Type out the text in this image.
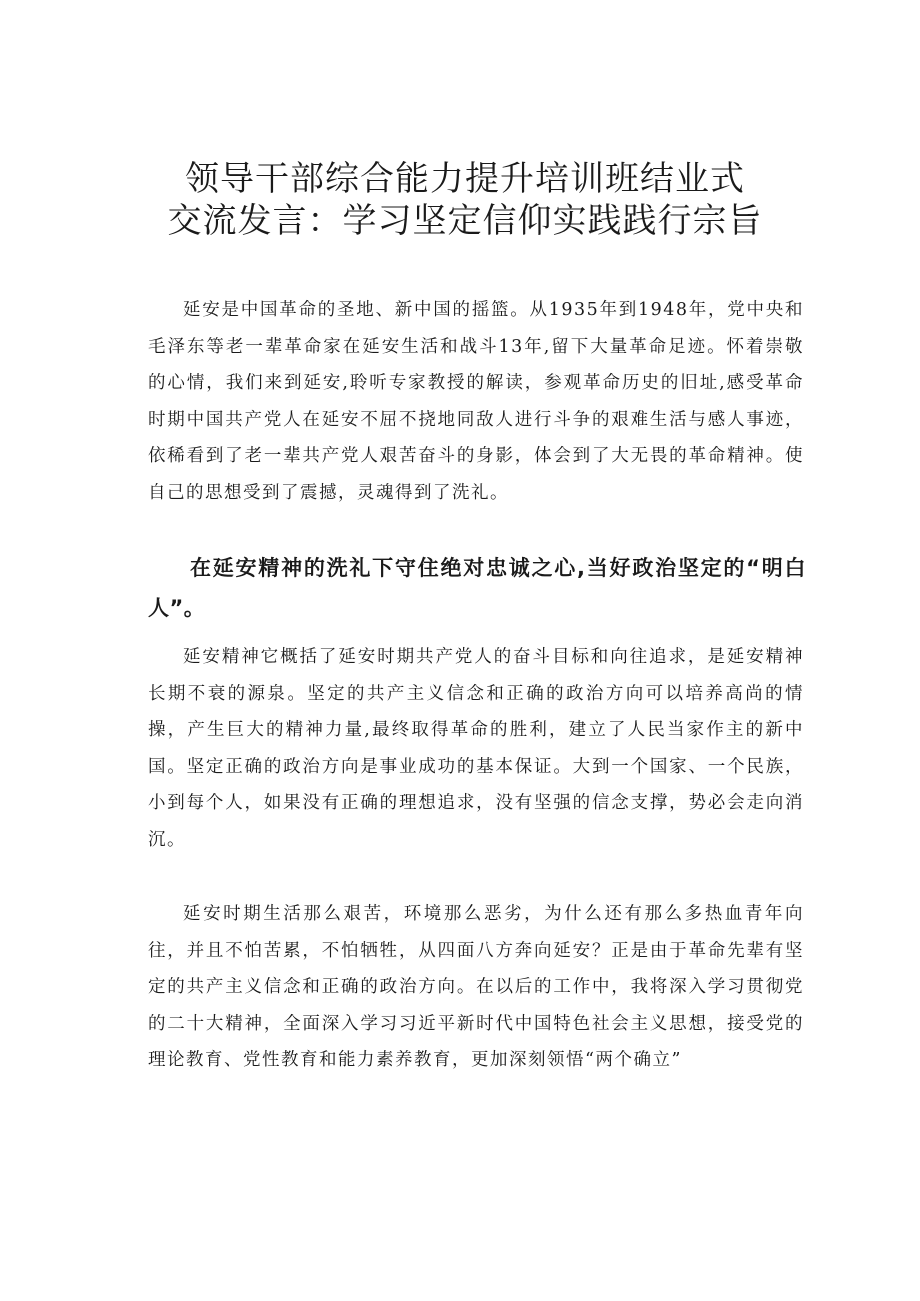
领导干部综合能力提升培训班结业式
交流发言：学习坚定信仰实践践行宗旨

延安是中国革命的圣地、新中国的摇篮。从1935年到1948年，党中央和毛泽东等老一辈革命家在延安生活和战斗13年,留下大量革命足迹。怀着崇敬的心情，我们来到延安,聆听专家教授的解读，参观革命历史的旧址,感受革命时期中国共产党人在延安不屈不挠地同敌人进行斗争的艰难生活与感人事迹，依稀看到了老一辈共产党人艰苦奋斗的身影，体会到了大无畏的革命精神。使自己的思想受到了震撼，灵魂得到了洗礼。

在延安精神的洗礼下守住绝对忠诚之心,当好政治坚定的“明白人”。

延安精神它概括了延安时期共产党人的奋斗目标和向往追求，是延安精神长期不衰的源泉。坚定的共产主义信念和正确的政治方向可以培养高尚的情操，产生巨大的精神力量,最终取得革命的胜利，建立了人民当家作主的新中国。坚定正确的政治方向是事业成功的基本保证。大到一个国家、一个民族，小到每个人，如果没有正确的理想追求，没有坚强的信念支撑，势必会走向消沉。

延安时期生活那么艰苦，环境那么恶劣，为什么还有那么多热血青年向往，并且不怕苦累，不怕牺牲，从四面八方奔向延安？正是由于革命先辈有坚定的共产主义信念和正确的政治方向。在以后的工作中，我将深入学习贯彻党的二十大精神，全面深入学习习近平新时代中国特色社会主义思想，接受党的理论教育、党性教育和能力素养教育，更加深刻领悟“两个确立”
